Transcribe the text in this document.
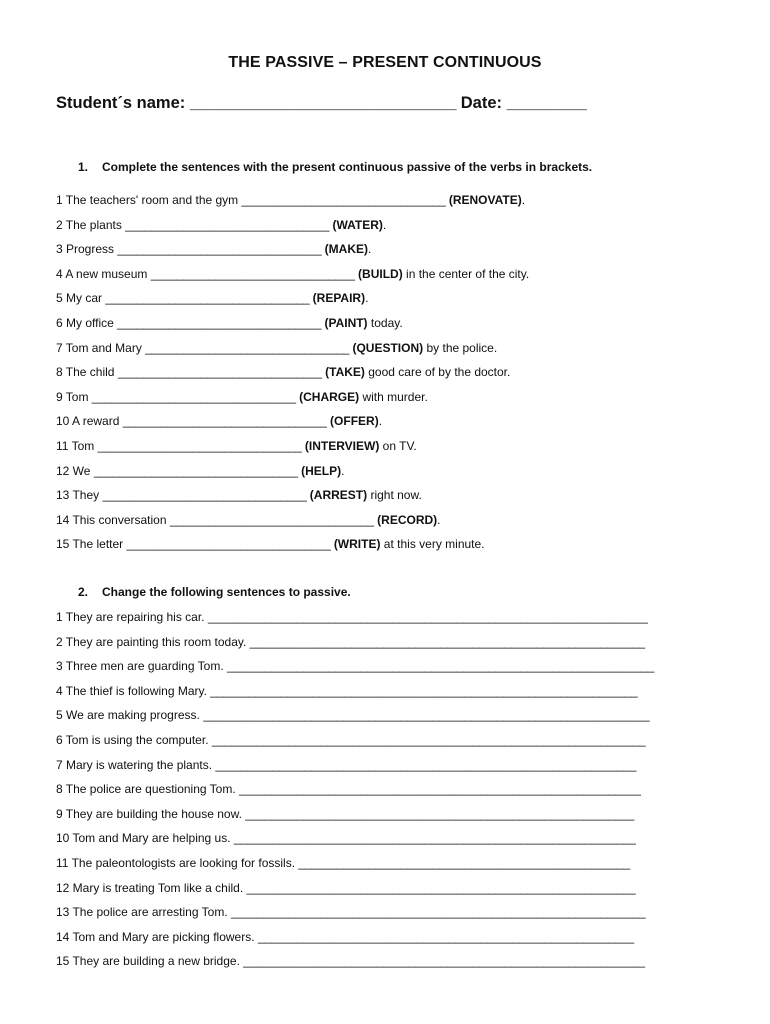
THE PASSIVE – PRESENT CONTINUOUS
Student´s name: ______________________________ Date: _________
1. Complete the sentences with the present continuous passive of the verbs in brackets.
1 The teachers' room and the gym ________________________________ (RENOVATE).
2 The plants ________________________________ (WATER).
3 Progress ________________________________ (MAKE).
4 A new museum ________________________________ (BUILD) in the center of the city.
5 My car ________________________________ (REPAIR).
6 My office ________________________________ (PAINT) today.
7 Tom and Mary ________________________________ (QUESTION) by the police.
8 The child ________________________________ (TAKE) good care of by the doctor.
9 Tom ________________________________ (CHARGE) with murder.
10 A reward ________________________________ (OFFER).
11 Tom ________________________________ (INTERVIEW) on TV.
12 We ________________________________ (HELP).
13 They ________________________________ (ARREST) right now.
14 This conversation ________________________________ (RECORD).
15 The letter ________________________________ (WRITE) at this very minute.
2. Change the following sentences to passive.
1 They are repairing his car. _____________________________________________________________________
2 They are painting this room today. ______________________________________________________________
3 Three men are guarding Tom. ___________________________________________________________________
4 The thief is following Mary. ___________________________________________________________________
5 We are making progress. ______________________________________________________________________
6 Tom is using the computer. ____________________________________________________________________
7 Mary is watering the plants. __________________________________________________________________
8 The police are questioning Tom. _______________________________________________________________
9 They are building the house now. _____________________________________________________________
10 Tom and Mary are helping us. _______________________________________________________________
11 The paleontologists are looking for fossils. ____________________________________________________
12 Mary is treating Tom like a child. _____________________________________________________________
13 The police are arresting Tom. _________________________________________________________________
14 Tom and Mary are picking flowers. ___________________________________________________________
15 They are building a new bridge. _______________________________________________________________
